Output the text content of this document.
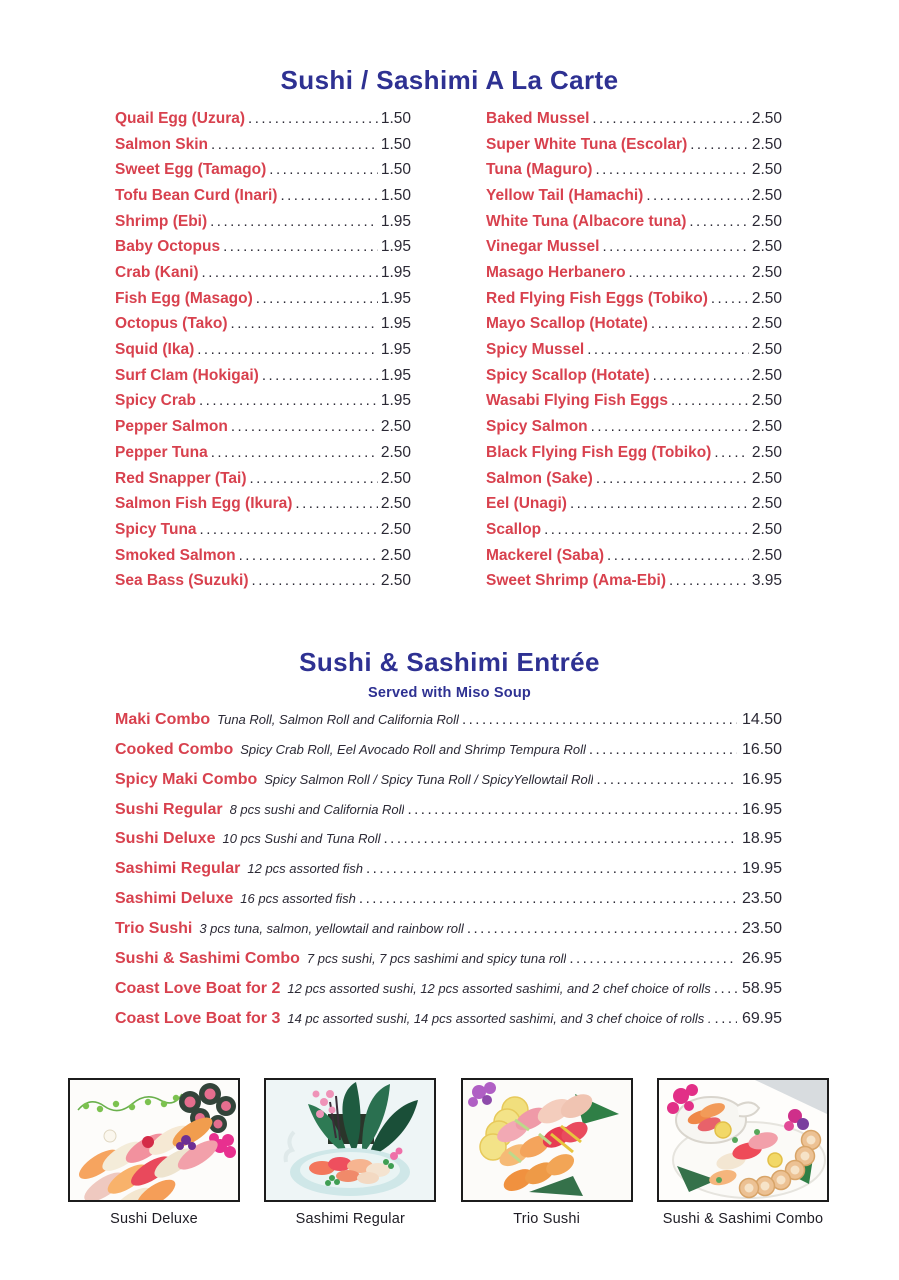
Sushi / Sashimi A La Carte
Quail Egg (Uzura) .....	1.50
Salmon Skin .....	1.50
Sweet Egg (Tamago) .....	1.50
Tofu Bean Curd (Inari) .....	1.50
Shrimp (Ebi) .....	1.95
Baby Octopus .....	1.95
Crab (Kani) .....	1.95
Fish Egg (Masago) .....	1.95
Octopus (Tako) .....	1.95
Squid (Ika) .....	1.95
Surf Clam (Hokigai) .....	1.95
Spicy Crab .....	1.95
Pepper Salmon .....	2.50
Pepper Tuna .....	2.50
Red Snapper (Tai) .....	2.50
Salmon Fish Egg (Ikura) .....	2.50
Spicy Tuna .....	2.50
Smoked Salmon .....	2.50
Sea Bass (Suzuki) .....	2.50
Baked Mussel .....	2.50
Super White Tuna (Escolar) .....	2.50
Tuna (Maguro) .....	2.50
Yellow Tail (Hamachi) .....	2.50
White Tuna (Albacore tuna) .....	2.50
Vinegar Mussel .....	2.50
Masago Herbanero .....	2.50
Red Flying Fish Eggs (Tobiko) .....	2.50
Mayo Scallop (Hotate) .....	2.50
Spicy Mussel .....	2.50
Spicy Scallop (Hotate) .....	2.50
Wasabi Flying Fish Eggs .....	2.50
Spicy Salmon .....	2.50
Black Flying Fish Egg (Tobiko) .....	2.50
Salmon (Sake) .....	2.50
Eel (Unagi) .....	2.50
Scallop .....	2.50
Mackerel (Saba) .....	2.50
Sweet Shrimp (Ama-Ebi) .....	3.95
Sushi & Sashimi Entrée
Served with Miso Soup
Maki Combo Tuna Roll, Salmon Roll and California Roll .....	14.50
Cooked Combo Spicy Crab Roll, Eel Avocado Roll and Shrimp Tempura Roll .....	16.50
Spicy Maki Combo Spicy Salmon Roll / Spicy Tuna Roll / SpicyYellowtail Roll .....	16.95
Sushi Regular 8 pcs sushi and California Roll .....	16.95
Sushi Deluxe 10 pcs Sushi and Tuna Roll .....	18.95
Sashimi Regular 12 pcs assorted fish .....	19.95
Sashimi Deluxe 16 pcs assorted fish .....	23.50
Trio Sushi 3 pcs tuna, salmon, yellowtail and rainbow roll .....	23.50
Sushi & Sashimi Combo 7 pcs sushi, 7 pcs sashimi and spicy tuna roll .....	26.95
Coast Love Boat for 2 12 pcs assorted sushi, 12 pcs assorted sashimi, and 2 chef choice of rolls ..... 58.95
Coast Love Boat for 3 14 pc assorted sushi, 14 pcs assorted sashimi, and 3 chef choice of rolls . ..... 69.95
Sushi Deluxe	Sashimi Regular	Trio Sushi	Sushi & Sashimi Combo
